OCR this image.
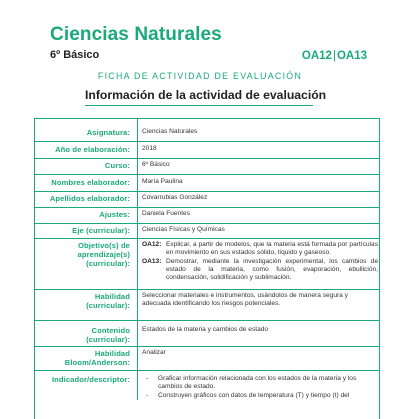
Ciencias Naturales
6º Básico	OA12|OA13
FICHA DE ACTIVIDAD DE EVALUACIÓN
Información de la actividad de evaluación
Asignatura: Ciencias Naturales
Año de elaboración: 2018
Curso: 6º Básico
Nombres elaborador: María Paulina
Apellidos elaborador: Covarrubias González
Ajustes: Daniela Fuentes
Eje (curricular): Ciencias Físicas y Químicas
Objetivo(s) de
aprendizaje(s)
(curricular):
OA12: Explicar, a partir de modelos, que la materia está formada por partículas en movimiento en sus estados sólido, líquido y gaseoso.
OA13: Demostrar, mediante la investigación experimental, los cambios de estado de la materia, como fusión, evaporación, ebullición, condensación, solidificación y sublimación.
Habilidad
(curricular):
Seleccionar materiales e instrumentos, usándolos de manera segura y adecuada identificando los riesgos potenciales.
Contenido
(curricular):
Estados de la materia y cambios de estado
Habilidad
Bloom/Anderson:
Analizar
Indicador/descriptor: - Graficar información relacionada con los estados de la materia y los cambios de estado.
- Construyen gráficos con datos de temperatura (T) y tiempo (t) del
